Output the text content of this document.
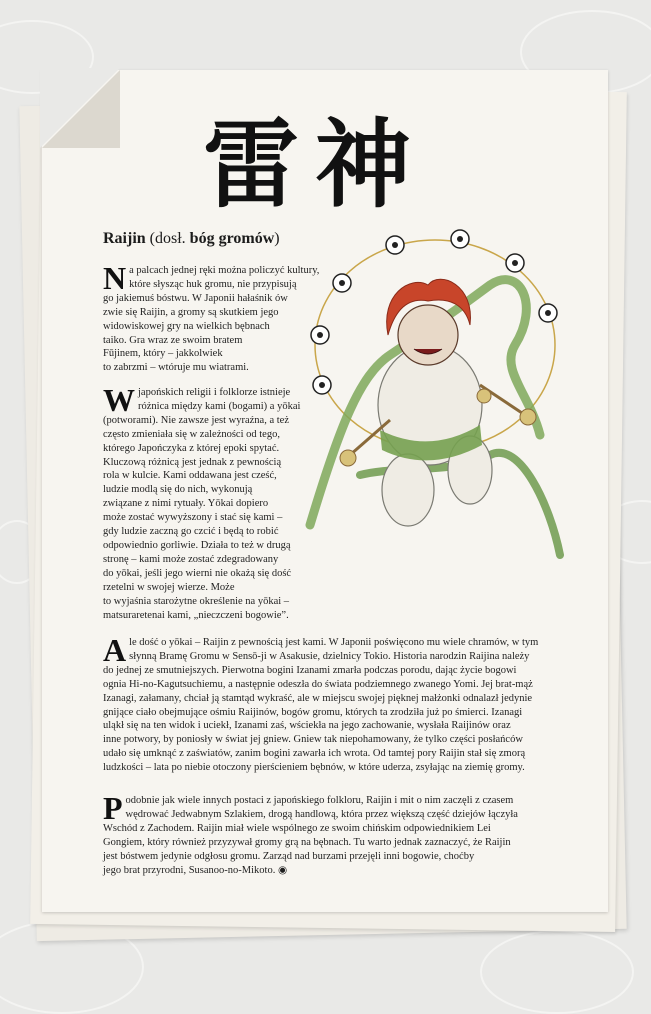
雷神
Raijin (dosł. bóg gromów)
N a palcach jednej ręki można policzyć kultury,
które słysząc huk gromu, nie przypisują
go jakiemuś bóstwu. W Japonii hałaśnik ów
zwie się Raijin, a gromy są skutkiem jego
widowiskowej gry na wielkich bębnach
taiko. Gra wraz ze swoim bratem
Fūjinem, który – jakkolwiek
to zabrzmi – wtóruje mu wiatrami.
W japońskich religii i folklorze istnieje
różnica między kami (bogami) a yōkai
(potworami). Nie zawsze jest wyraźna, a też
często zmieniała się w zależności od tego,
którego Japończyka z której epoki spytać.
Kluczową różnicą jest jednak z pewnością
rola w kulcie. Kami oddawana jest cześć,
ludzie modlą się do nich, wykonują
związane z nimi rytuały. Yōkai dopiero
może zostać wywyższony i stać się kami –
gdy ludzie zaczną go czcić i będą to robić
odpowiednio gorliwie. Działa to też w drugą
stronę – kami może zostać zdegradowany
do yōkai, jeśli jego wierni nie okażą się dość
rzetelni w swojej wierze. Może
to wyjaśnia starożytne określenie na yōkai –
matsuraretenai kami, „nieczczeni bogowie”.
A le dość o yōkai – Raijin z pewnością jest kami. W Japonii poświęcono mu wiele chramów, w tym
słynną Bramę Gromu w Sensō-ji w Asakusie, dzielnicy Tokio. Historia narodzin Raijina należy
do jednej ze smutniejszych. Pierwotna bogini Izanami zmarła podczas porodu, dając życie bogowi
ognia Hi-no-Kagutsuchiemu, a następnie odeszła do świata podziemnego zwanego Yomi. Jej brat-mąż
Izanagi, załamany, chciał ją stamtąd wykraść, ale w miejscu swojej pięknej małżonki odnalazł jedynie
gnijące ciało obejmujące ośmiu Raijinów, bogów gromu, których ta zrodziła już po śmierci. Izanagi
uląkł się na ten widok i uciekł, Izanami zaś, wściekła na jego zachowanie, wysłała Raijinów oraz
inne potwory, by poniosły w świat jej gniew. Gniew tak niepohamowany, że tylko części posłańców
udało się umknąć z zaświatów, zanim bogini zawarła ich wrota. Od tamtej pory Raijin stał się zmorą
ludzkości – lata po niebie otoczony pierścieniem bębnów, w które uderza, zsyłając na ziemię gromy.
P odobnie jak wiele innych postaci z japońskiego folkloru, Raijin i mit o nim zaczęli z czasem
wędrować Jedwabnym Szlakiem, drogą handlową, która przez większą część dziejów łączyła
Wschód z Zachodem. Raijin miał wiele wspólnego ze swoim chińskim odpowiednikiem Lei
Gongiem, który również przyzywał gromy grą na bębnach. Tu warto jednak zaznaczyć, że Raijin
jest bóstwem jedynie odgłosu gromu. Zarząd nad burzami przejęli inni bogowie, choćby
jego brat przyrodni, Susanoo-no-Mikoto. ◉
